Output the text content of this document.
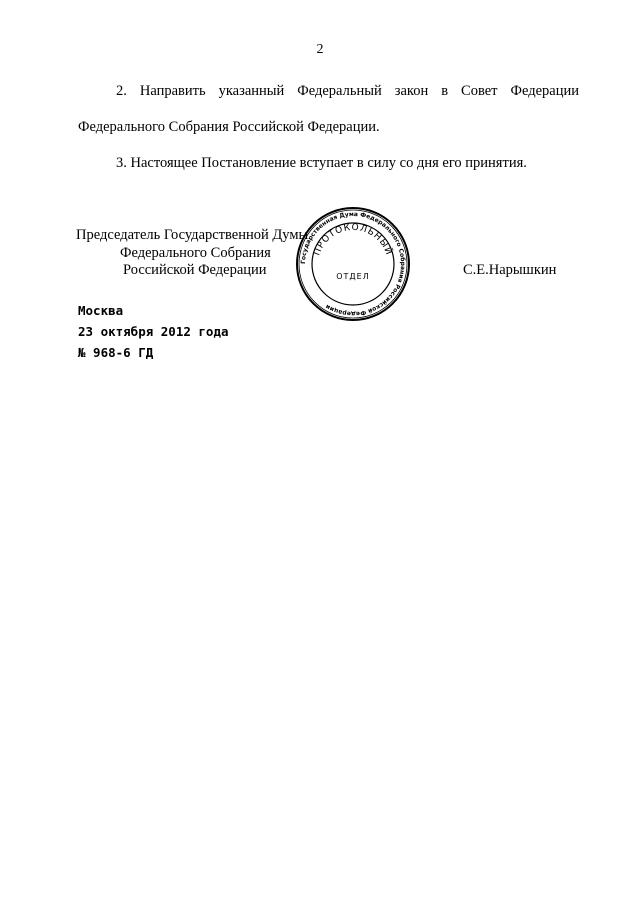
2
2. Направить указанный Федеральный закон в Совет Федерации
Федерального Собрания Российской Федерации.
3. Настоящее Постановление вступает в силу со дня его принятия.
Председатель Государственной Думы
Федерального Собрания
Российской Федерации	С.Е.Нарышкин
Государственная Дума Федерального Собрания Российской Федерации
ПРОТОКОЛЬНЫЙ
ОТДЕЛ
Москва
23 октября 2012 года
№ 968-6 ГД
